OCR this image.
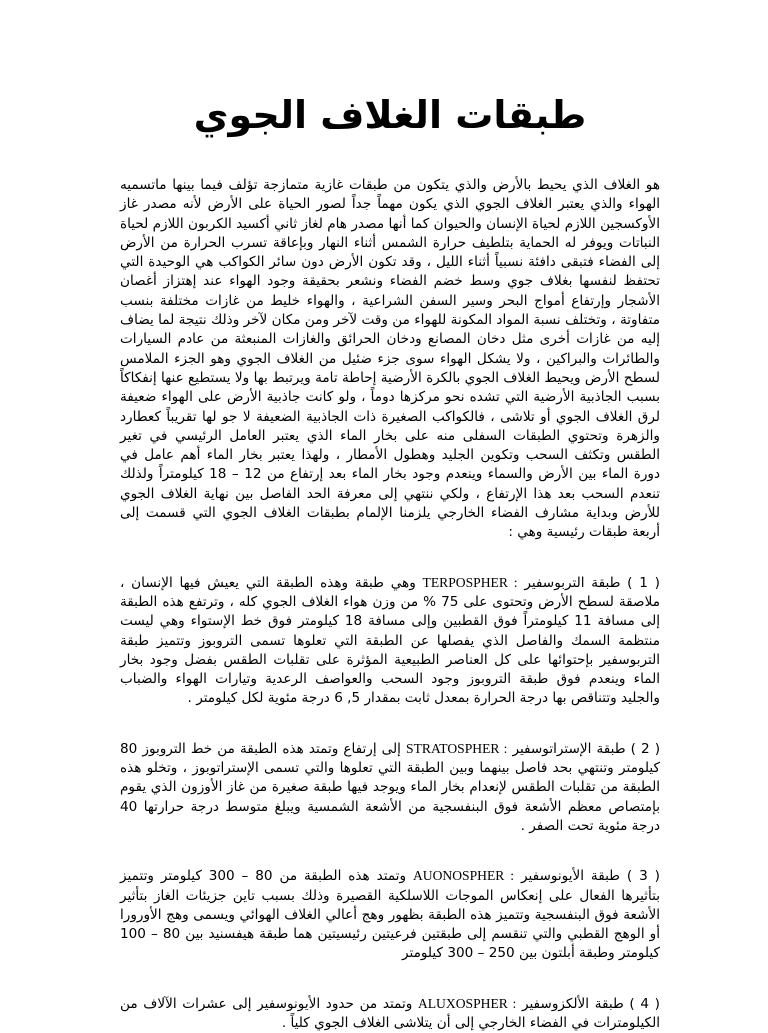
طبقات الغلاف الجوي
هو الغلاف الذي يحيط بالأرض والذي يتكون من طبقات غازية متمازجة تؤلف فيما بينها ماتسميه الهواء والذي يعتبر الغلاف الجوي الذي يكون مهماً جداً لصور الحياة على الأرض لأنه مصدر غاز الأوكسجين اللازم لحياة الإنسان والحيوان كما أنها مصدر هام لغاز ثاني أكسيد الكربون اللازم لحياة النباتات ويوفر له الحماية بتلطيف حرارة الشمس أثناء النهار وبإعاقة تسرب الحرارة من الأرض إلى الفضاء فتبقى دافئة نسبياً أثناء الليل ، وقد تكون الأرض دون سائر الكواكب هي الوحيدة التي تحتفظ لنفسها بغلاف جوي وسط خضم الفضاء ونشعر بحقيقة وجود الهواء عند إهتزاز أغصان الأشجار وإرتفاع أمواج البحر وسير السفن الشراعية ، والهواء خليط من غازات مختلفة بنسب متفاوتة ، وتختلف نسبة المواد المكونة للهواء من وقت لآخر ومن مكان لآخر وذلك نتيجة لما يضاف إليه من غازات أخرى مثل دخان المصانع ودخان الحرائق والغازات المنبعثة من عادم السيارات والطائرات والبراكين ، ولا يشكل الهواء سوى جزء ضئيل من الغلاف الجوي وهو الجزء الملامس لسطح الأرض ويحيط الغلاف الجوي بالكرة الأرضية إحاطة تامة ويرتبط بها ولا يستطيع عنها إنفكاكاً بسبب الجاذبية الأرضية التي تشده نحو مركزها دوماً ، ولو كانت جاذبية الأرض على الهواء ضعيفة لرق الغلاف الجوي أو تلاشى ، فالكواكب الصغيرة ذات الجاذبية الضعيفة لا جو لها تقريباً كعطارد والزهرة وتحتوي الطبقات السفلى منه على بخار الماء الذي يعتبر العامل الرئيسي في تغير الطقس وتكثف السحب وتكوين الجليد وهطول الأمطار ، ولهذا يعتبر بخار الماء أهم عامل في دورة الماء بين الأرض والسماء وينعدم وجود بخار الماء بعد إرتفاع من 12 – 18 كيلومتراً ولذلك تنعدم السحب بعد هذا الإرتفاع ، ولكي ننتهي إلى معرفة الحد الفاصل بين نهاية الغلاف الجوي للأرض وبداية مشارف الفضاء الخارجي يلزمنا الإلمام بطبقات الغلاف الجوي التي قسمت إلى أربعة طبقات رئيسية وهي :
( 1 ) طبقة التربوسفير TERPOSPHER : وهي طبقة وهذه الطبقة التي يعيش فيها الإنسان ، ملاصقة لسطح الأرض وتحتوى على 75 % من وزن هواء الغلاف الجوي كله ، وترتفع هذه الطبقة إلى مسافة 11 كيلومتراً فوق القطبين وإلى مسافة 18 كيلومتر فوق خط الإستواء وهي ليست منتظمة السمك والفاصل الذي يفصلها عن الطبقة التي تعلوها تسمى التروبوز وتتميز طبقة التربوسفير بإحتوائها على كل العناصر الطبيعية المؤثرة على تقلبات الطقس بفضل وجود بخار الماء وينعدم فوق طبقة التروبوز وجود السحب والعواصف الرعدية وتيارات الهواء والضباب والجليد وتتناقص بها درجة الحرارة بمعدل ثابت بمقدار 5, 6 درجة مئوية لكل كيلومتر .
( 2 ) طبقة الإستراتوسفير STRATOSPHER : إلى إرتفاع وتمتد هذه الطبقة من خط التروبوز 80 كيلومتر وتنتهي بحد فاصل بينهما وبين الطبقة التي تعلوها والتي تسمى الإستراتوبوز ، وتخلو هذه الطبقة من تقلبات الطقس لإنعدام بخار الماء ويوجد فيها طبقة صغيرة من غاز الأوزون الذي يقوم بإمتصاص معظم الأشعة فوق البنفسجية من الأشعة الشمسية ويبلغ متوسط درجة حرارتها 40 درجة مئوية تحت الصفر .
( 3 ) طبقة الأيونوسفير AUONOSPHER : وتمتد هذه الطبقة من 80 – 300 كيلومتر وتتميز بتأثيرها الفعال على إنعكاس الموجات اللاسلكية القصيرة وذلك بسبب تاين جزيئات الغاز بتأثير الأشعة فوق البنفسجية وتتميز هذه الطبقة بظهور وهج أعالي الغلاف الهوائي ويسمى وهج الأورورا أو الوهج القطبي والتي تنقسم إلى طبقتين فرعيتين رئيسيتين هما طبقة هيفسنيد بين 80 – 100 كيلومتر وطبقة أبلتون بين 250 – 300 كيلومتر
( 4 ) طبقة الألكزوسفير ALUXOSPHER : وتمتد من حدود الأيونوسفير إلى عشرات الآلاف من الكيلومترات في الفضاء الخارجي إلى أن يتلاشى الغلاف الجوي كلياً .
